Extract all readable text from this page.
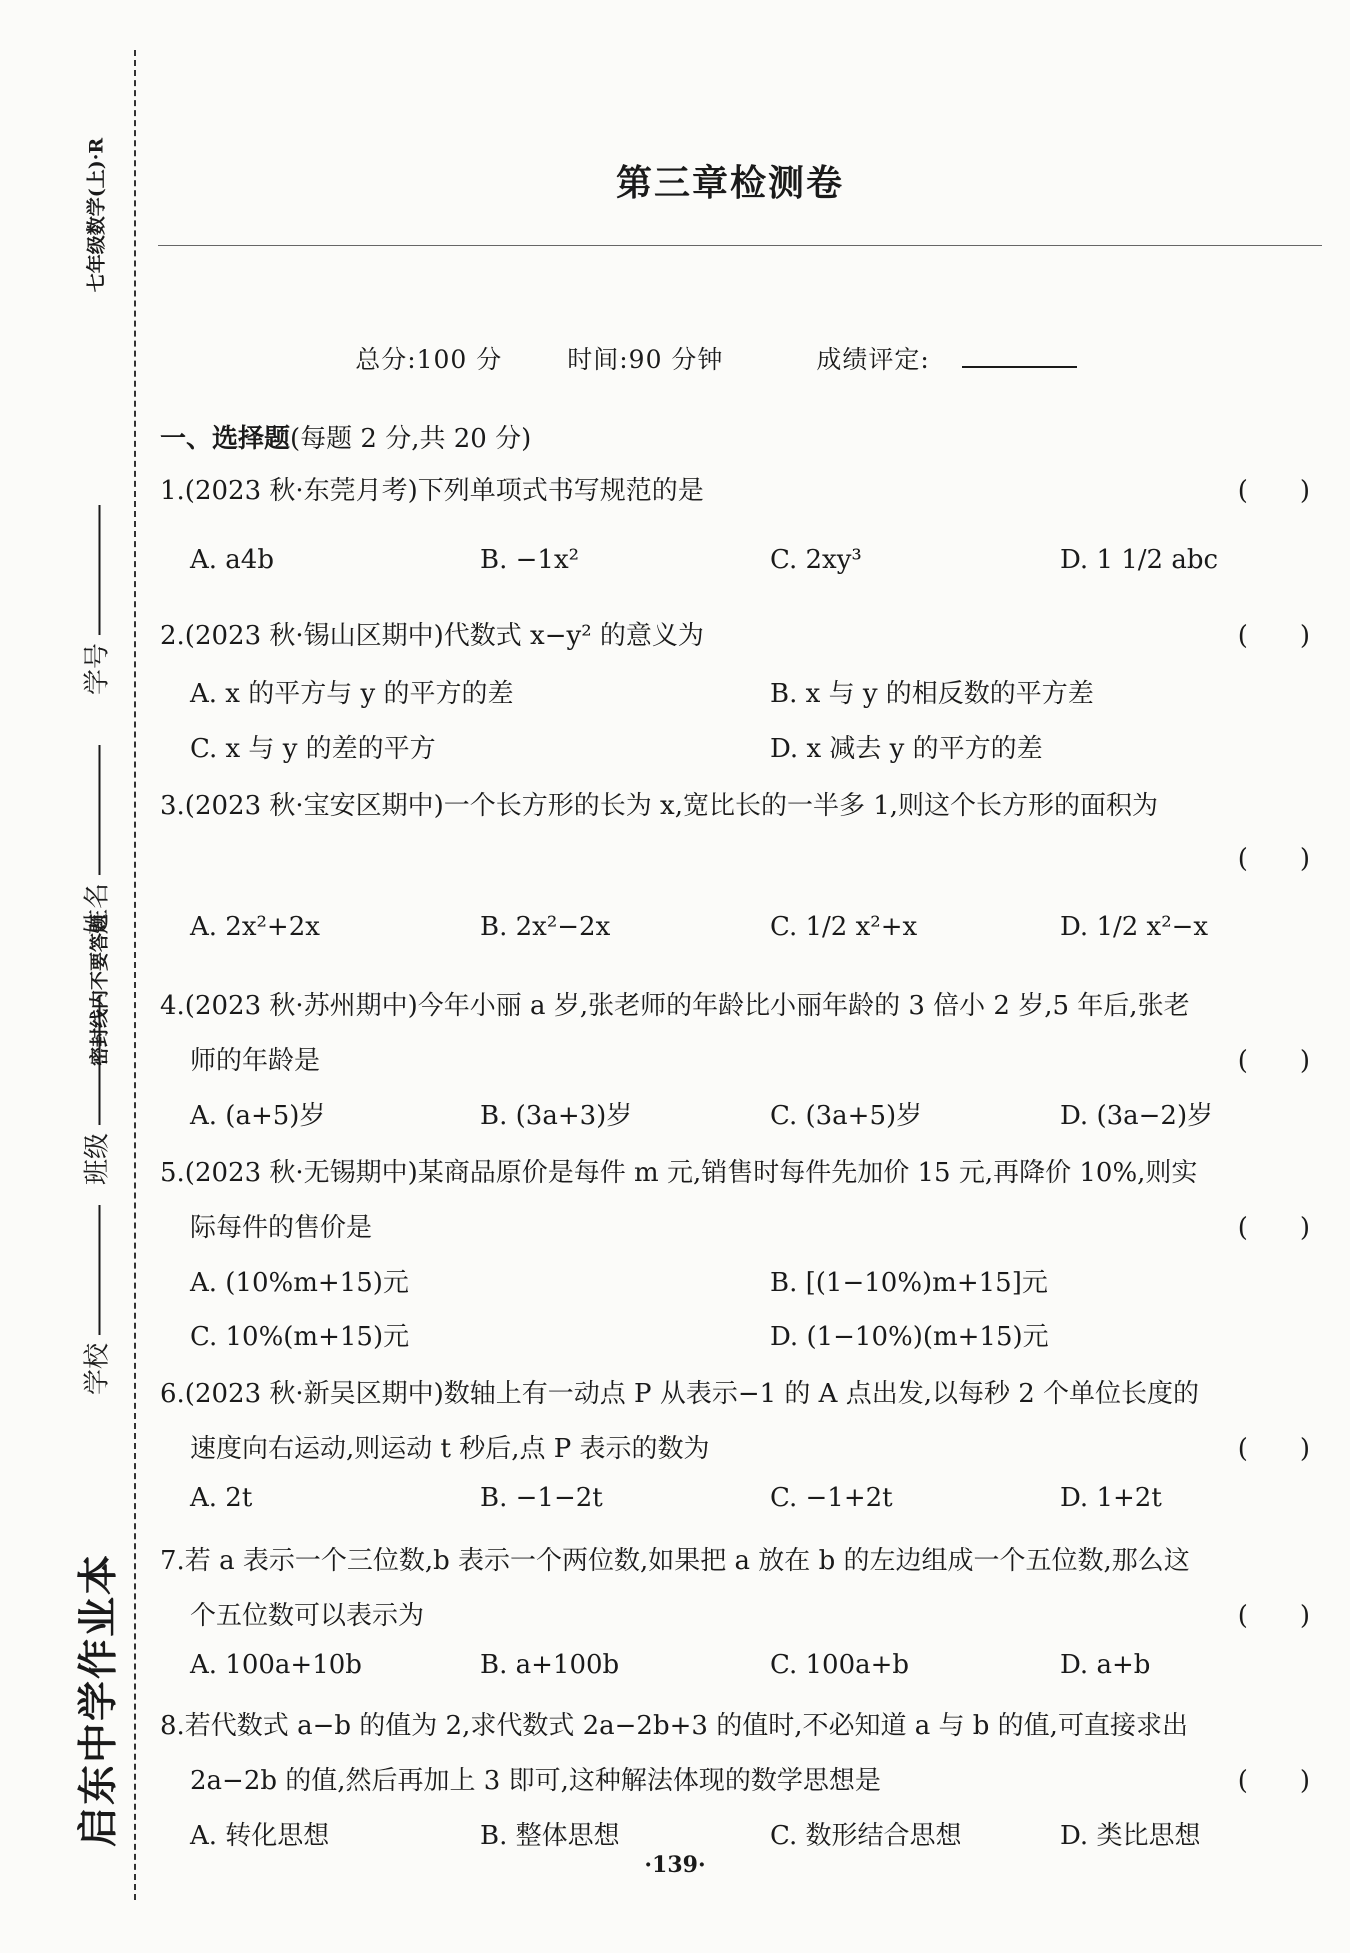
七年级数学(上)·R
学号
姓名
密封线内不要答题
班级
学校
启东中学作业本
第三章检测卷
总分:100 分	时间:90 分钟	成绩评定:
一、选择题(每题 2 分,共 20 分)
1.(2023 秋·东莞月考)下列单项式书写规范的是	(　　)
A. a4b	B. −1x²	C. 2xy³	D. 1 1/2 abc
2.(2023 秋·锡山区期中)代数式 x−y² 的意义为	(　　)
A. x 的平方与 y 的平方的差	B. x 与 y 的相反数的平方差
C. x 与 y 的差的平方	D. x 减去 y 的平方的差
3.(2023 秋·宝安区期中)一个长方形的长为 x,宽比长的一半多 1,则这个长方形的面积为
(　　)
A. 2x²+2x	B. 2x²−2x	C. 1/2 x²+x	D. 1/2 x²−x
4.(2023 秋·苏州期中)今年小丽 a 岁,张老师的年龄比小丽年龄的 3 倍小 2 岁,5 年后,张老
师的年龄是	(　　)
A. (a+5)岁	B. (3a+3)岁	C. (3a+5)岁	D. (3a−2)岁
5.(2023 秋·无锡期中)某商品原价是每件 m 元,销售时每件先加价 15 元,再降价 10%,则实
际每件的售价是	(　　)
A. (10%m+15)元	B. [(1−10%)m+15]元
C. 10%(m+15)元	D. (1−10%)(m+15)元
6.(2023 秋·新吴区期中)数轴上有一动点 P 从表示−1 的 A 点出发,以每秒 2 个单位长度的
速度向右运动,则运动 t 秒后,点 P 表示的数为	(　　)
A. 2t	B. −1−2t	C. −1+2t	D. 1+2t
7.若 a 表示一个三位数,b 表示一个两位数,如果把 a 放在 b 的左边组成一个五位数,那么这
个五位数可以表示为	(　　)
A. 100a+10b	B. a+100b	C. 100a+b	D. a+b
8.若代数式 a−b 的值为 2,求代数式 2a−2b+3 的值时,不必知道 a 与 b 的值,可直接求出
2a−2b 的值,然后再加上 3 即可,这种解法体现的数学思想是	(　　)
A. 转化思想	B. 整体思想	C. 数形结合思想	D. 类比思想
·139·
